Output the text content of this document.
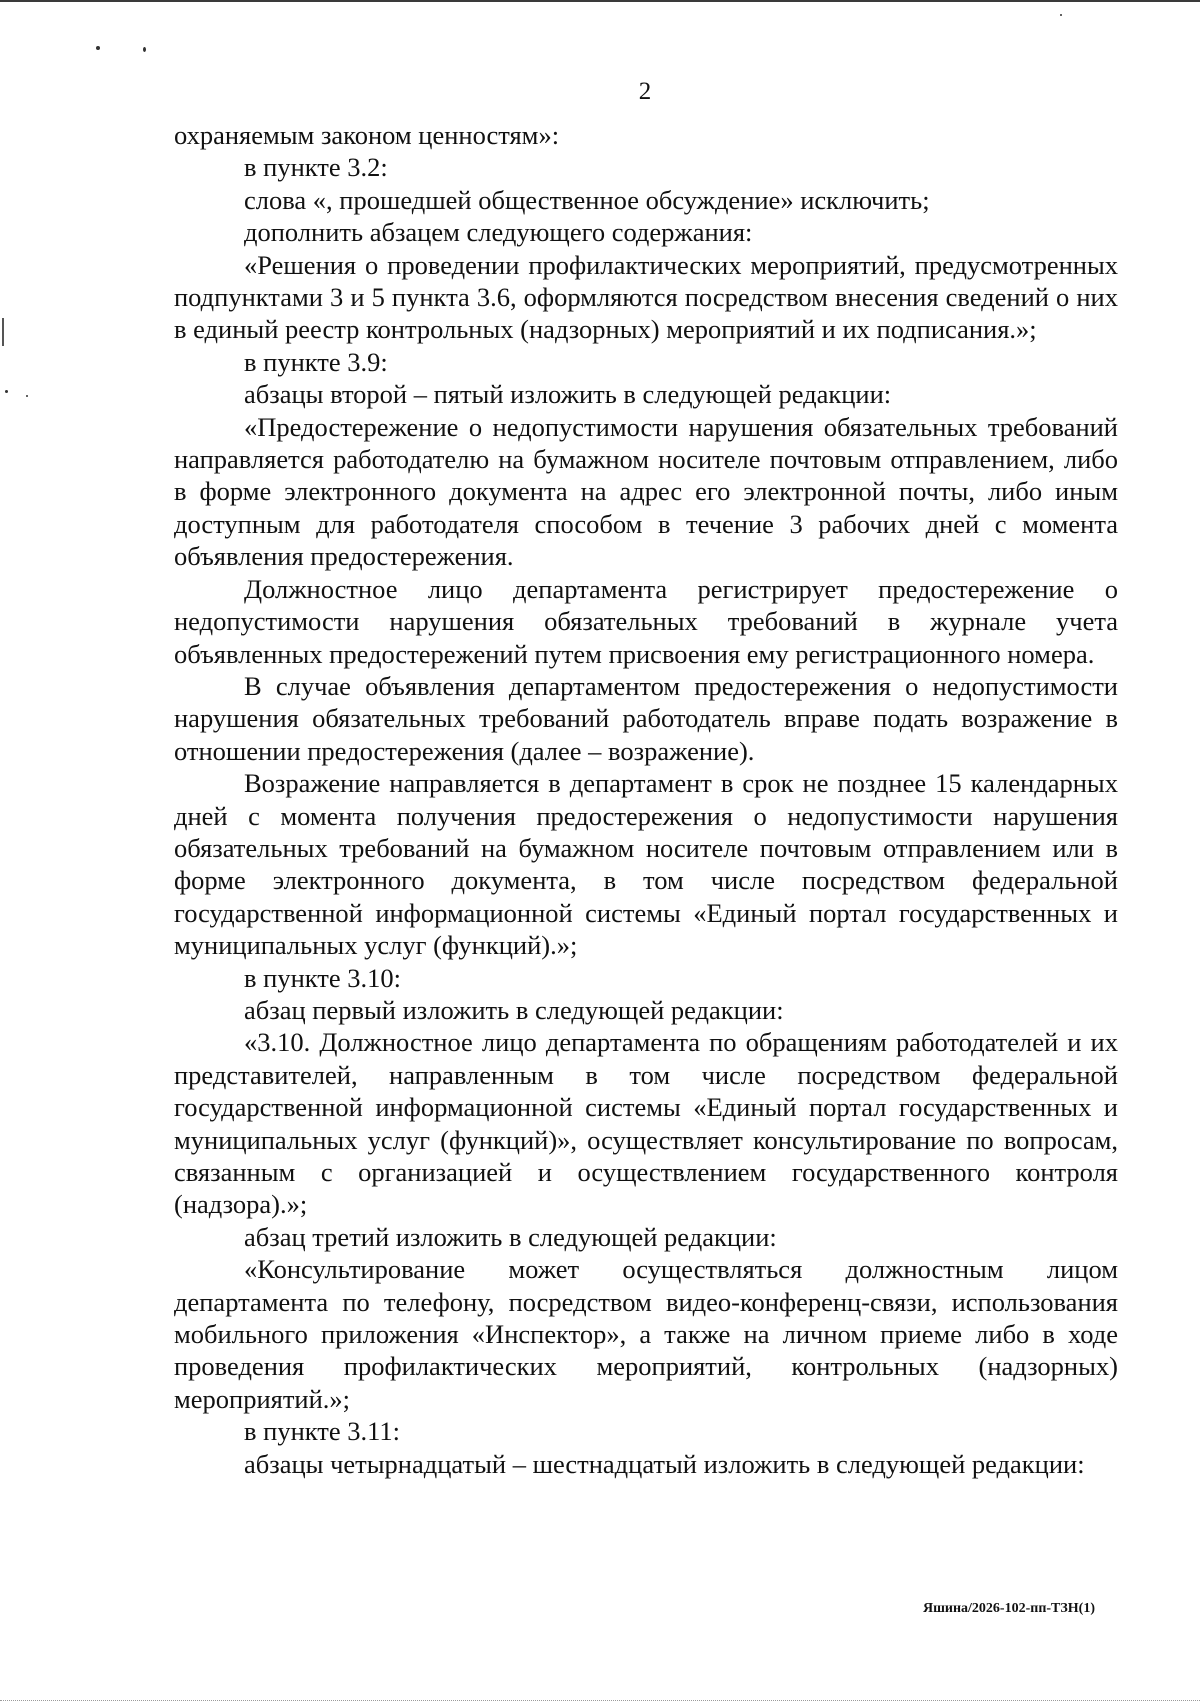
2

охраняемым законом ценностям»:

в пункте 3.2:

слова «, прошедшей общественное обсуждение» исключить;

дополнить абзацем следующего содержания:

«Решения о проведении профилактических мероприятий, предусмотренных подпунктами 3 и 5 пункта 3.6, оформляются посредством внесения сведений о них в единый реестр контрольных (надзорных) мероприятий и их подписания.»;

в пункте 3.9:

абзацы второй – пятый изложить в следующей редакции:

«Предостережение о недопустимости нарушения обязательных требований направляется работодателю на бумажном носителе почтовым отправлением, либо в форме электронного документа на адрес его электронной почты, либо иным доступным для работодателя способом в течение 3 рабочих дней с момента объявления предостережения.

Должностное лицо департамента регистрирует предостережение о недопустимости нарушения обязательных требований в журнале учета объявленных предостережений путем присвоения ему регистрационного номера.

В случае объявления департаментом предостережения о недопустимости нарушения обязательных требований работодатель вправе подать возражение в отношении предостережения (далее – возражение).

Возражение направляется в департамент в срок не позднее 15 календарных дней с момента получения предостережения о недопустимости нарушения обязательных требований на бумажном носителе почтовым отправлением или в форме электронного документа, в том числе посредством федеральной государственной информационной системы «Единый портал государственных и муниципальных услуг (функций).»;

в пункте 3.10:

абзац первый изложить в следующей редакции:

«3.10. Должностное лицо департамента по обращениям работодателей и их представителей, направленным в том числе посредством федеральной государственной информационной системы «Единый портал государственных и муниципальных услуг (функций)», осуществляет консультирование по вопросам, связанным с организацией и осуществлением государственного контроля (надзора).»;

абзац третий изложить в следующей редакции:

«Консультирование может осуществляться должностным лицом департамента по телефону, посредством видео-конференц-связи, использования мобильного приложения «Инспектор», а также на личном приеме либо в ходе проведения профилактических мероприятий, контрольных (надзорных) мероприятий.»;

в пункте 3.11:

абзацы четырнадцатый – шестнадцатый изложить в следующей редакции:

Яшина/2026-102-пп-ТЗН(1)
